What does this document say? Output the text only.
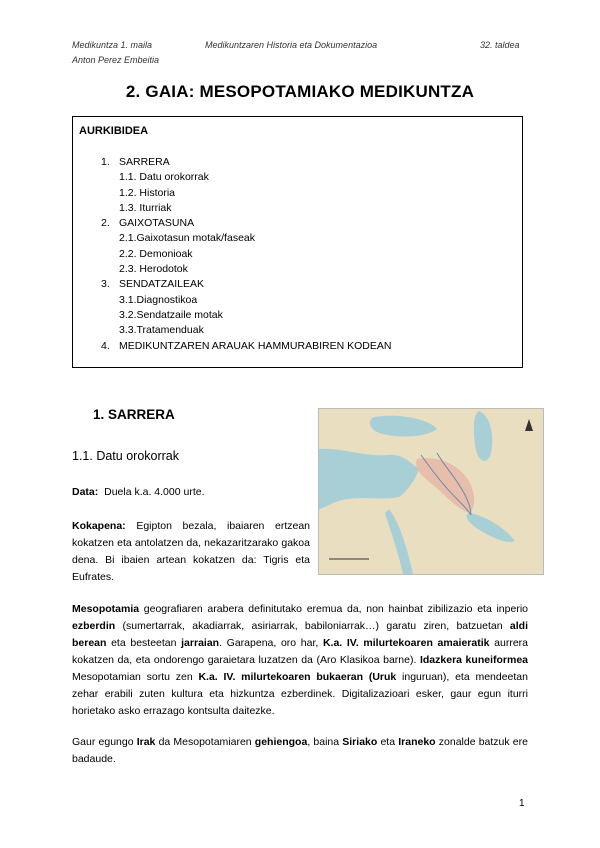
Medikuntza 1. maila	Medikuntzaren Historia eta Dokumentazioa	32. taldea
Anton Perez Embeitia
2. GAIA: MESOPOTAMIAKO MEDIKUNTZA
AURKIBIDEA
1. SARRERA
1.1. Datu orokorrak
1.2. Historia
1.3. Iturriak
2. GAIXOTASUNA
2.1.Gaixotasun motak/faseak
2.2. Demonioak
2.3. Herodotok
3. SENDATZAILEAK
3.1.Diagnostikoa
3.2.Sendatzaile motak
3.3.Tratamenduak
4. MEDIKUNTZAREN ARAUAK HAMMURABIREN KODEAN
1. SARRERA
1.1. Datu orokorrak
Data: Duela k.a. 4.000 urte.
Kokapena: Egipton bezala, ibaiaren ertzean kokatzen eta antolatzen da, nekazaritzarako gakoa dena. Bi ibaien artean kokatzen da: Tigris eta Eufrates.
Mesopotamia geografiaren arabera definitutako eremua da, non hainbat zibilizazio eta inperio ezberdin (sumertarrak, akadiarrak, asiriarrak, babiloniarrak…) garatu ziren, batzuetan aldi berean eta besteetan jarraian. Garapena, oro har, K.a. IV. milurtekoaren amaieratik aurrera kokatzen da, eta ondorengo garaietara luzatzen da (Aro Klasikoa barne). Idazkera kuneiformea Mesopotamian sortu zen K.a. IV. milurtekoaren bukaeran (Uruk inguruan), eta mendeetan zehar erabili zuten kultura eta hizkuntza ezberdinek. Digitalizazioari esker, gaur egun iturri horietako asko errazago kontsulta daitezke.
Gaur egungo Irak da Mesopotamiaren gehiengoa, baina Siriako eta Iraneko zonalde batzuk ere badaude.
1
